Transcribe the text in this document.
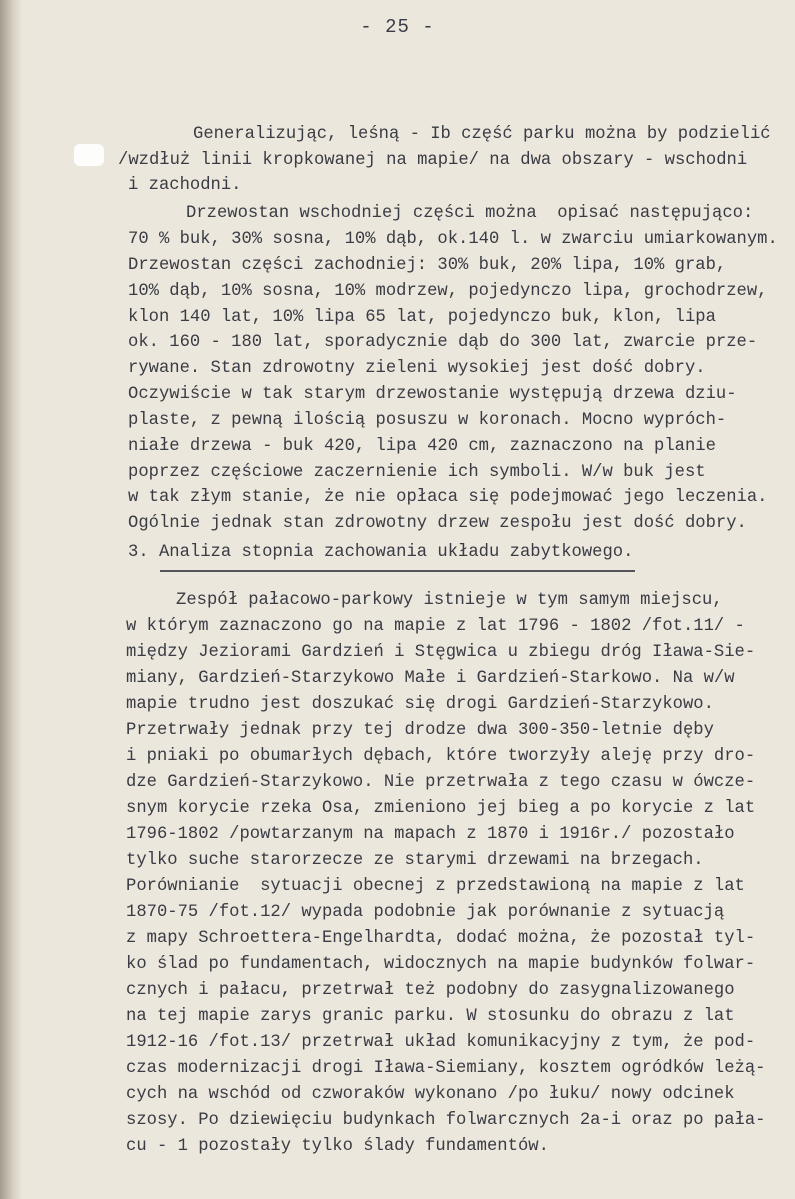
- 25 -
Generalizując, leśną - Ib część parku można by podzielić
/wzdłuż linii kropkowanej na mapie/ na dwa obszary - wschodni
i zachodni.
Drzewostan wschodniej części można  opisać następująco:
70 % buk, 30% sosna, 10% dąb, ok.140 l. w zwarciu umiarkowanym.
Drzewostan części zachodniej: 30% buk, 20% lipa, 10% grab,
10% dąb, 10% sosna, 10% modrzew, pojedynczo lipa, grochodrzew,
klon 140 lat, 10% lipa 65 lat, pojedynczo buk, klon, lipa
ok. 160 - 180 lat, sporadycznie dąb do 300 lat, zwarcie prze-
rywane. Stan zdrowotny zieleni wysokiej jest dość dobry.
Oczywiście w tak starym drzewostanie występują drzewa dziu-
plaste, z pewną ilością posuszu w koronach. Mocno wypróch-
niałe drzewa - buk 420, lipa 420 cm, zaznaczono na planie
poprzez częściowe zaczernienie ich symboli. W/w buk jest
w tak złym stanie, że nie opłaca się podejmować jego leczenia.
Ogólnie jednak stan zdrowotny drzew zespołu jest dość dobry.
3. Analiza stopnia zachowania układu zabytkowego.
Zespół pałacowo-parkowy istnieje w tym samym miejscu,
w którym zaznaczono go na mapie z lat 1796 - 1802 /fot.11/ -
między Jeziorami Gardzień i Stęgwica u zbiegu dróg Iława-Sie-
miany, Gardzień-Starzykowo Małe i Gardzień-Starkowo. Na w/w
mapie trudno jest doszukać się drogi Gardzień-Starzykowo.
Przetrwały jednak przy tej drodze dwa 300-350-letnie dęby
i pniaki po obumarłych dębach, które tworzyły aleję przy dro-
dze Gardzień-Starzykowo. Nie przetrwała z tego czasu w ówcze-
snym korycie rzeka Osa, zmieniono jej bieg a po korycie z lat
1796-1802 /powtarzanym na mapach z 1870 i 1916r./ pozostało
tylko suche starorzecze ze starymi drzewami na brzegach.
Porównianie  sytuacji obecnej z przedstawioną na mapie z lat
1870-75 /fot.12/ wypada podobnie jak porównanie z sytuacją
z mapy Schroettera-Engelhardta, dodać można, że pozostał tyl-
ko ślad po fundamentach, widocznych na mapie budynków folwar-
cznych i pałacu, przetrwał też podobny do zasygnalizowanego
na tej mapie zarys granic parku. W stosunku do obrazu z lat
1912-16 /fot.13/ przetrwał układ komunikacyjny z tym, że pod-
czas modernizacji drogi Iława-Siemiany, kosztem ogródków leżą-
cych na wschód od czworaków wykonano /po łuku/ nowy odcinek
szosy. Po dziewięciu budynkach folwarcznych 2a-i oraz po pała-
cu - 1 pozostały tylko ślady fundamentów.
